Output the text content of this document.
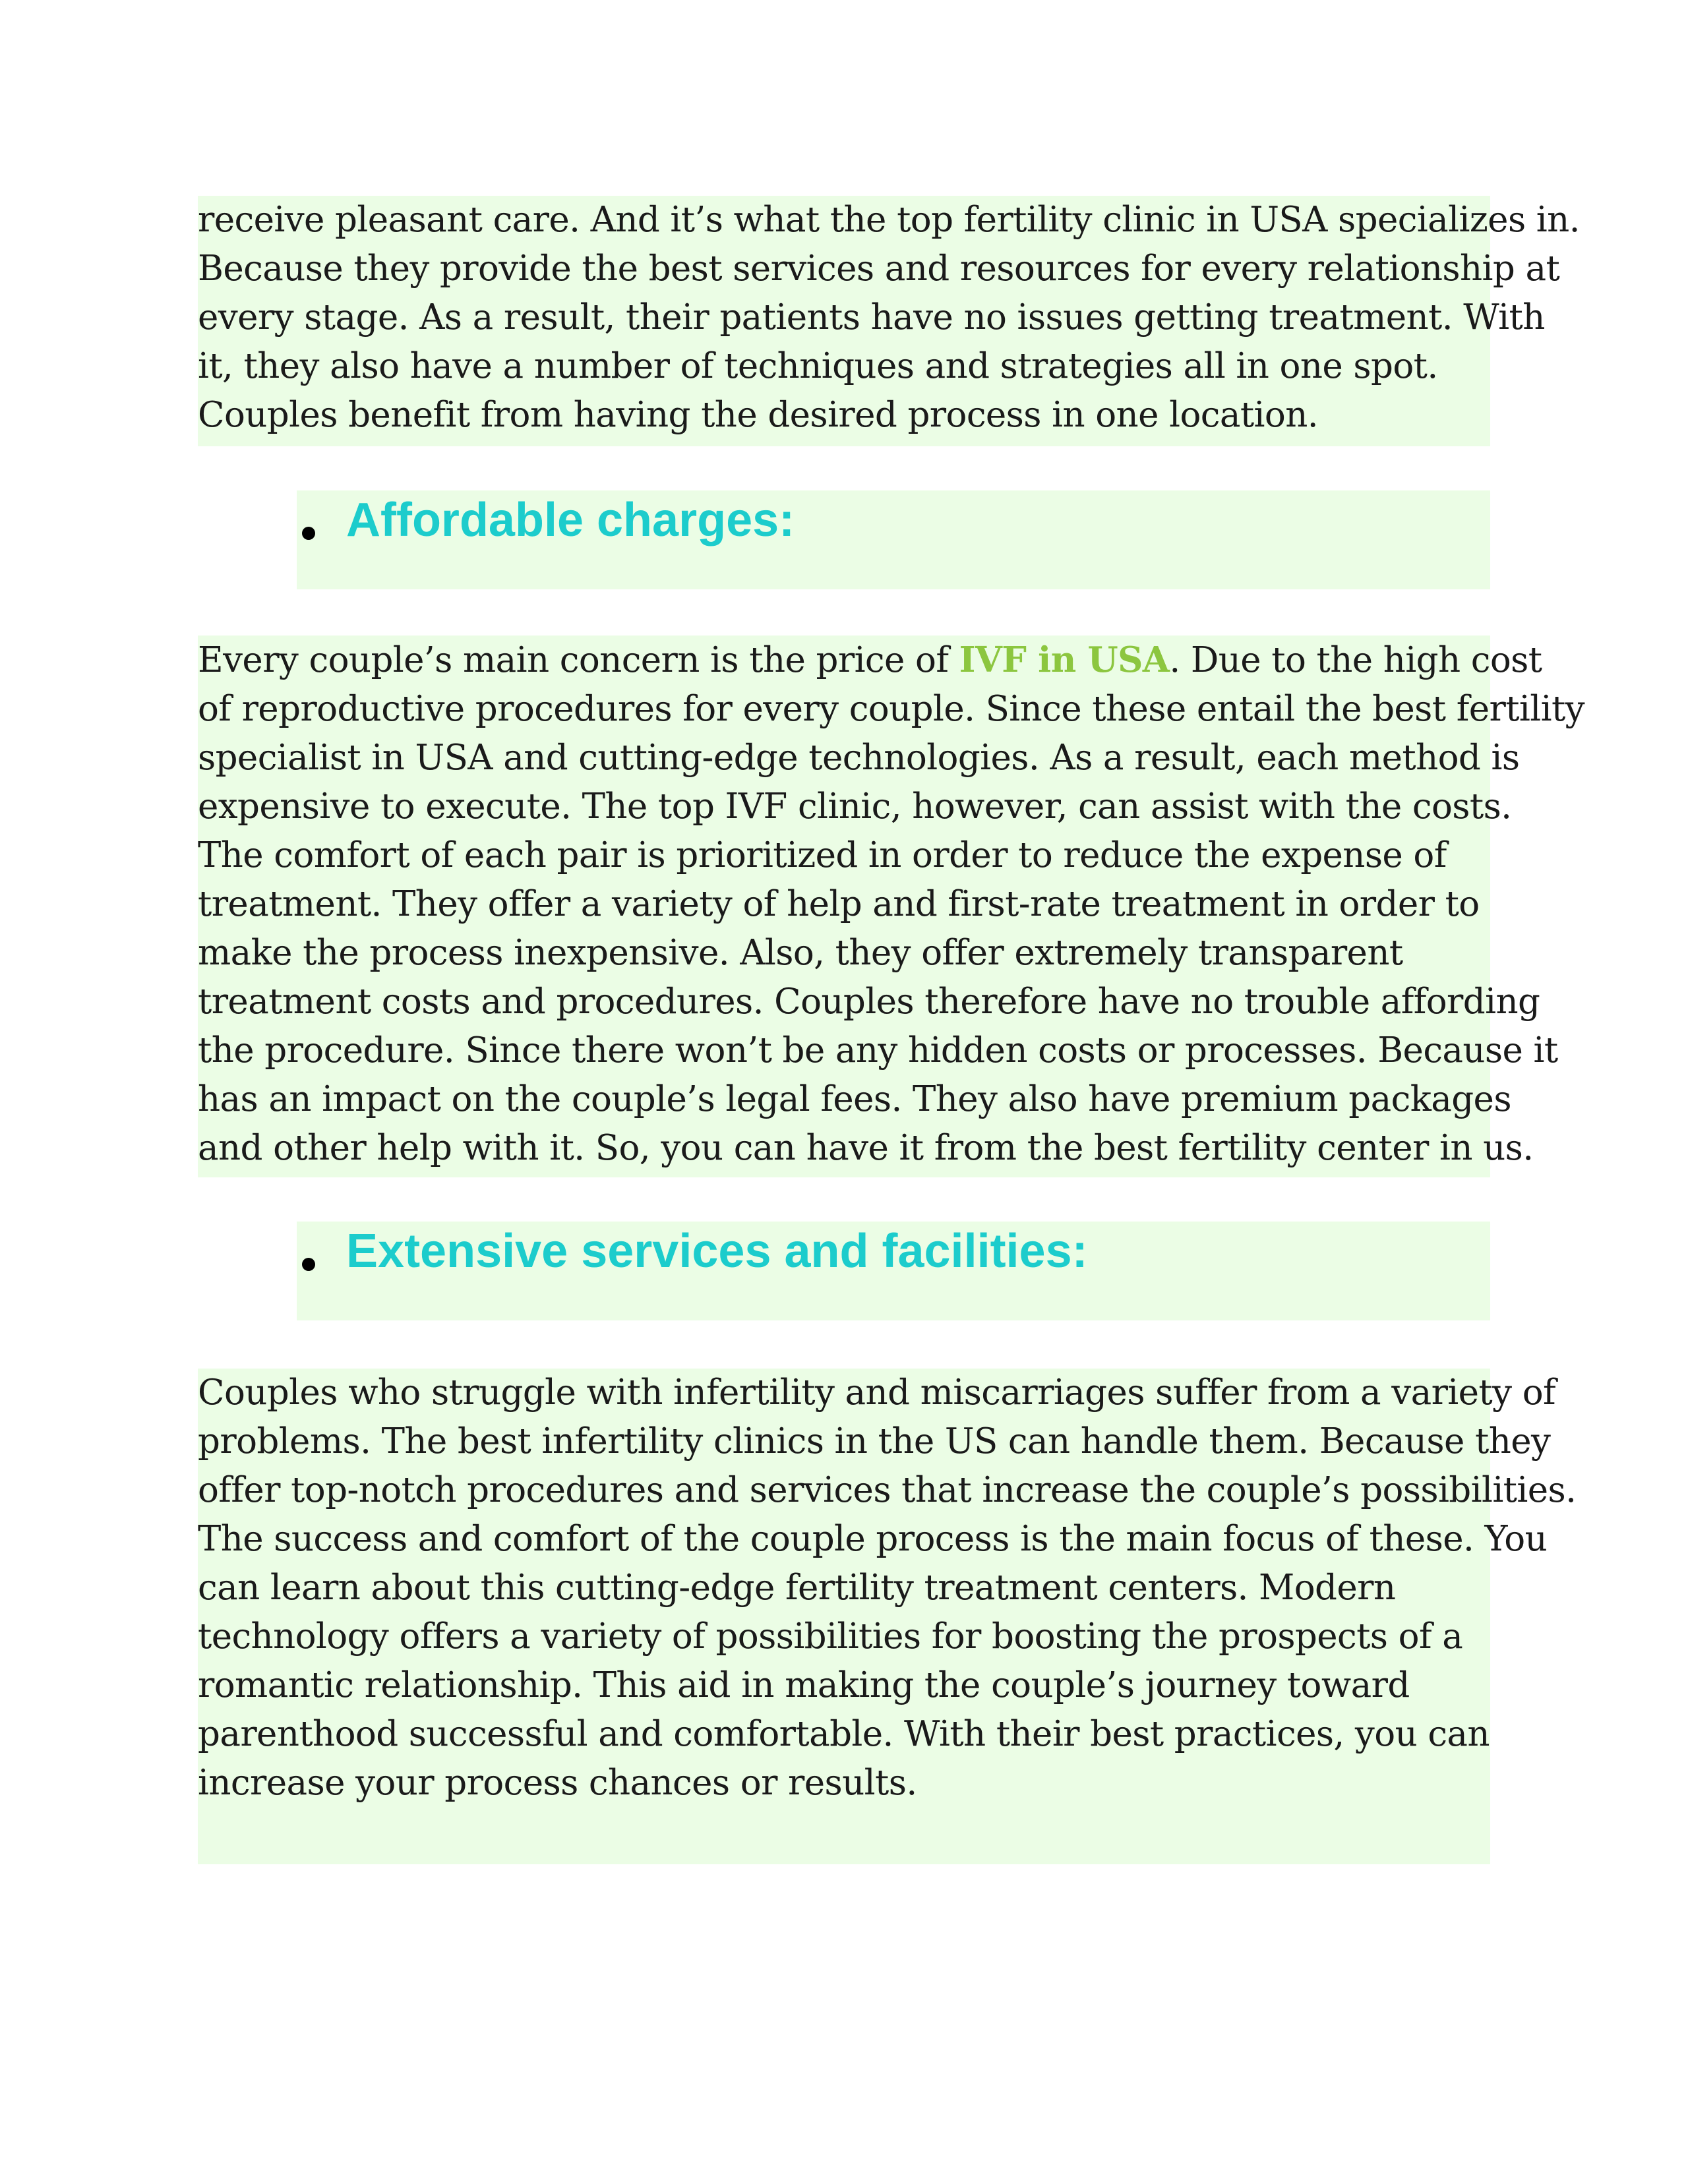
receive pleasant care. And it’s what the top fertility clinic in USA specializes in.
Because they provide the best services and resources for every relationship at
every stage. As a result, their patients have no issues getting treatment. With
it, they also have a number of techniques and strategies all in one spot.
Couples benefit from having the desired process in one location.
Affordable charges:
Every couple’s main concern is the price of IVF in USA. Due to the high cost
of reproductive procedures for every couple. Since these entail the best fertility
specialist in USA and cutting-edge technologies. As a result, each method is
expensive to execute. The top IVF clinic, however, can assist with the costs.
The comfort of each pair is prioritized in order to reduce the expense of
treatment. They offer a variety of help and first-rate treatment in order to
make the process inexpensive. Also, they offer extremely transparent
treatment costs and procedures. Couples therefore have no trouble affording
the procedure. Since there won’t be any hidden costs or processes. Because it
has an impact on the couple’s legal fees. They also have premium packages
and other help with it. So, you can have it from the best fertility center in us.
Extensive services and facilities:
Couples who struggle with infertility and miscarriages suffer from a variety of
problems. The best infertility clinics in the US can handle them. Because they
offer top-notch procedures and services that increase the couple’s possibilities.
The success and comfort of the couple process is the main focus of these. You
can learn about this cutting-edge fertility treatment centers. Modern
technology offers a variety of possibilities for boosting the prospects of a
romantic relationship. This aid in making the couple’s journey toward
parenthood successful and comfortable. With their best practices, you can
increase your process chances or results.
